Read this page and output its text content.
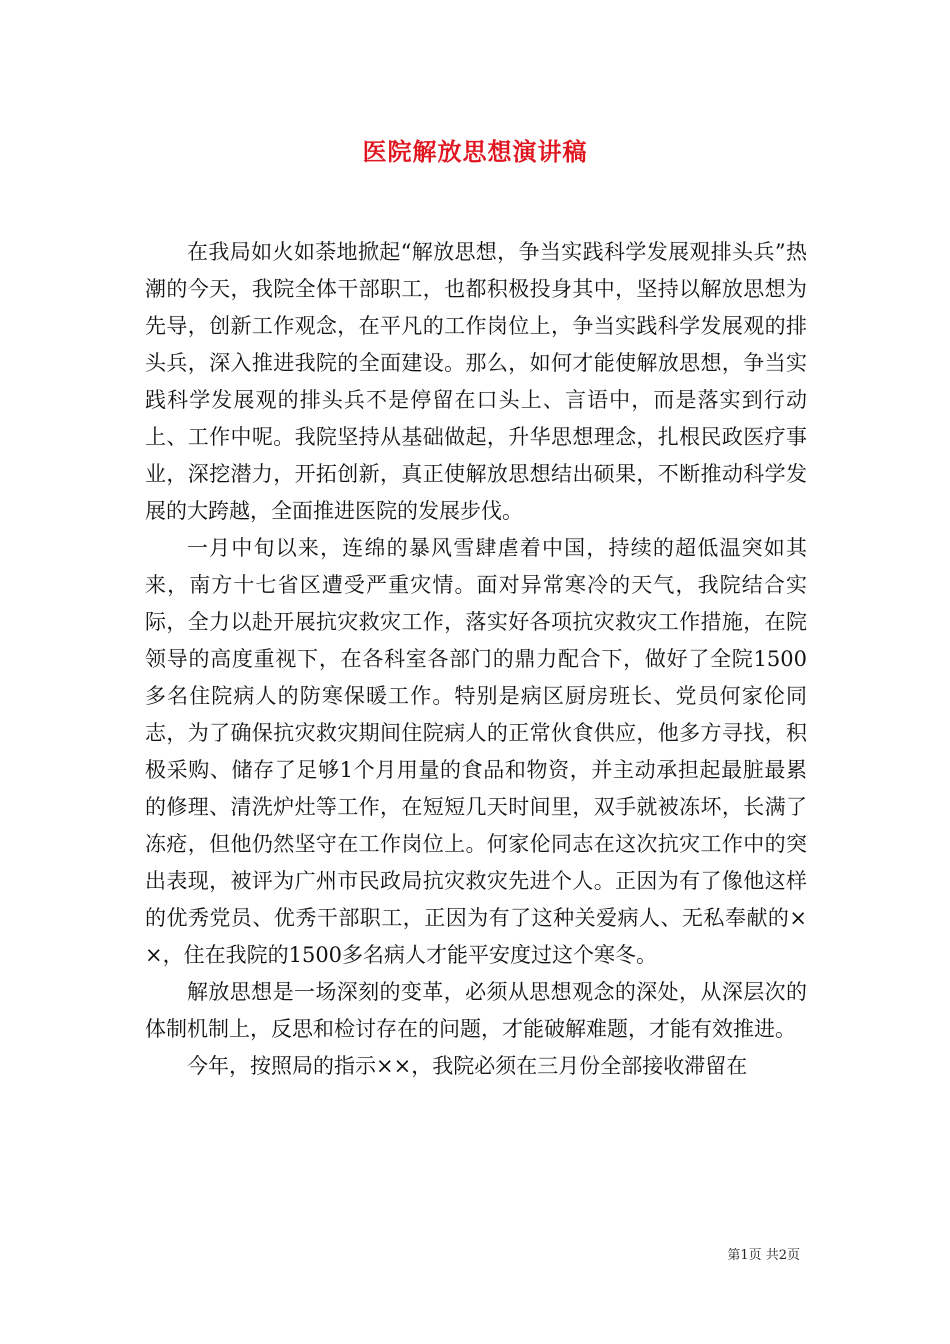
医院解放思想演讲稿

在我局如火如荼地掀起“解放思想，争当实践科学发展观排头兵”热潮的今天，我院全体干部职工，也都积极投身其中，坚持以解放思想为先导，创新工作观念，在平凡的工作岗位上，争当实践科学发展观的排头兵，深入推进我院的全面建设。那么，如何才能使解放思想，争当实践科学发展观的排头兵不是停留在口头上、言语中，而是落实到行动上、工作中呢。我院坚持从基础做起，升华思想理念，扎根民政医疗事业，深挖潜力，开拓创新，真正使解放思想结出硕果，不断推动科学发展的大跨越，全面推进医院的发展步伐。

一月中旬以来，连绵的暴风雪肆虐着中国，持续的超低温突如其来，南方十七省区遭受严重灾情。面对异常寒冷的天气，我院结合实际，全力以赴开展抗灾救灾工作，落实好各项抗灾救灾工作措施，在院领导的高度重视下，在各科室各部门的鼎力配合下，做好了全院1500多名住院病人的防寒保暖工作。特别是病区厨房班长、党员何家伦同志，为了确保抗灾救灾期间住院病人的正常伙食供应，他多方寻找，积极采购、储存了足够1个月用量的食品和物资，并主动承担起最脏最累的修理、清洗炉灶等工作，在短短几天时间里，双手就被冻坏，长满了冻疮，但他仍然坚守在工作岗位上。何家伦同志在这次抗灾工作中的突出表现，被评为广州市民政局抗灾救灾先进个人。正因为有了像他这样的优秀党员、优秀干部职工，正因为有了这种关爱病人、无私奉献的××，住在我院的1500多名病人才能平安度过这个寒冬。

解放思想是一场深刻的变革，必须从思想观念的深处，从深层次的体制机制上，反思和检讨存在的问题，才能破解难题，才能有效推进。

今年，按照局的指示××，我院必须在三月份全部接收滞留在

第1页 共2页
